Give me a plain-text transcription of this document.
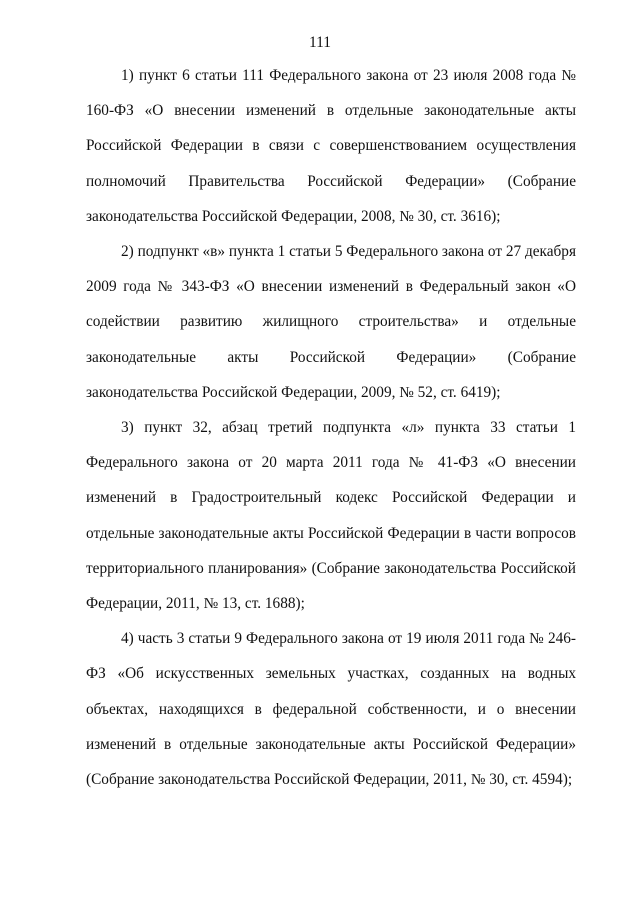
111

1) пункт 6 статьи 111 Федерального закона от 23 июля 2008 года № 160-ФЗ «О внесении изменений в отдельные законодательные акты Российской Федерации в связи с совершенствованием осуществления полномочий Правительства Российской Федерации» (Собрание законодательства Российской Федерации, 2008, № 30, ст. 3616);

2) подпункт «в» пункта 1 статьи 5 Федерального закона от 27 декабря 2009 года № 343-ФЗ «О внесении изменений в Федеральный закон «О содействии развитию жилищного строительства» и отдельные законодательные акты Российской Федерации» (Собрание законодательства Российской Федерации, 2009, № 52, ст. 6419);

3) пункт 32, абзац третий подпункта «л» пункта 33 статьи 1 Федерального закона от 20 марта 2011 года № 41-ФЗ «О внесении изменений в Градостроительный кодекс Российской Федерации и отдельные законодательные акты Российской Федерации в части вопросов территориального планирования» (Собрание законодательства Российской Федерации, 2011, № 13, ст. 1688);

4) часть 3 статьи 9 Федерального закона от 19 июля 2011 года № 246-ФЗ «Об искусственных земельных участках, созданных на водных объектах, находящихся в федеральной собственности, и о внесении изменений в отдельные законодательные акты Российской Федерации» (Собрание законодательства Российской Федерации, 2011, № 30, ст. 4594);
